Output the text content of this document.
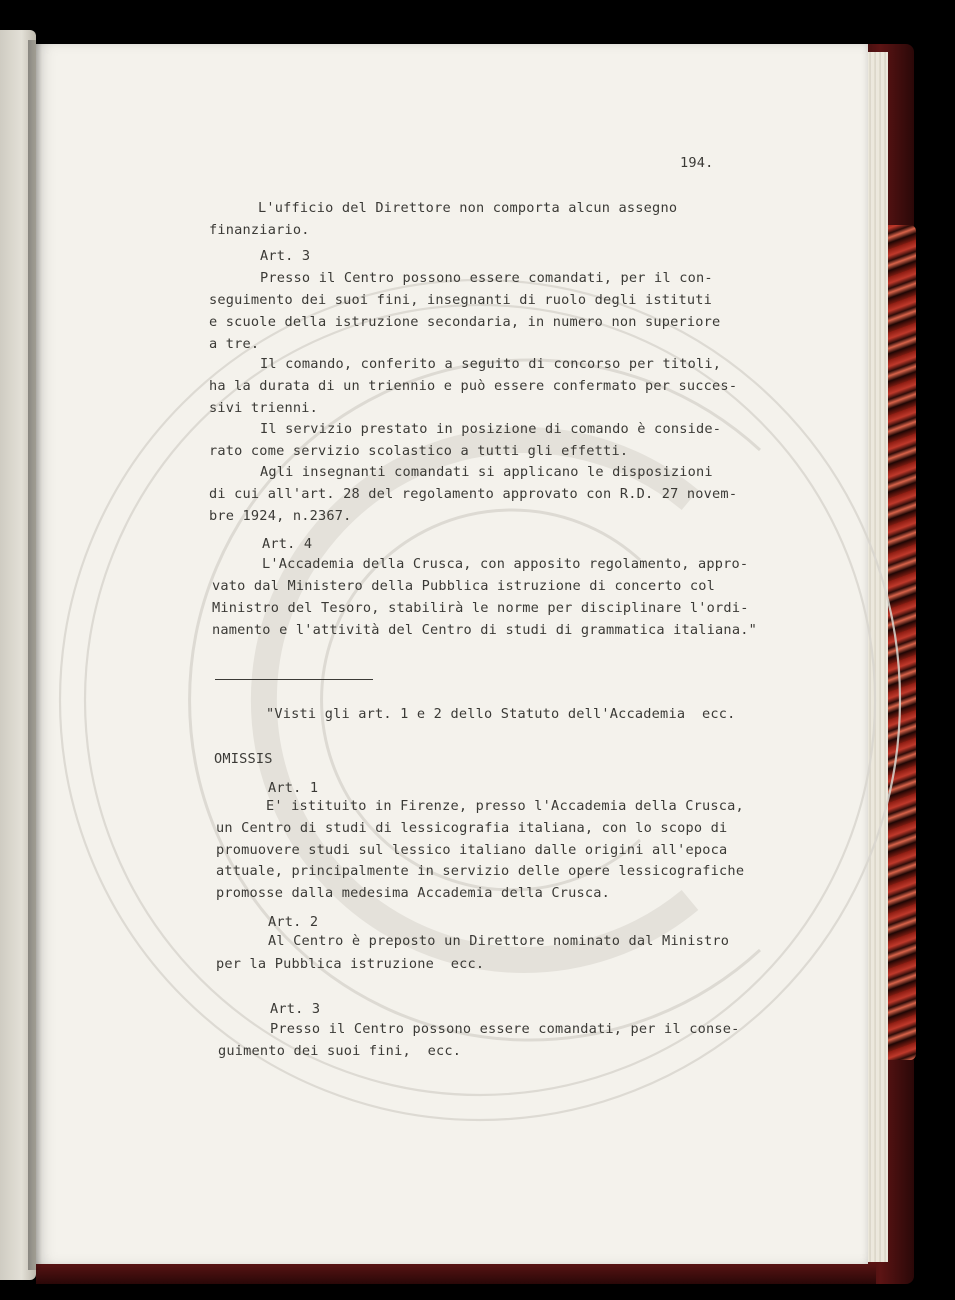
194.
L'ufficio del Direttore non comporta alcun assegno
finanziario.
Art. 3
Presso il Centro possono essere comandati, per il con-
seguimento dei suoi fini, insegnanti di ruolo degli istituti
e scuole della istruzione secondaria, in numero non superiore
a tre.
Il comando, conferito a seguito di concorso per titoli,
ha la durata di un triennio e può essere confermato per succes-
sivi trienni.
Il servizio prestato in posizione di comando è conside-
rato come servizio scolastico a tutti gli effetti.
Agli insegnanti comandati si applicano le disposizioni
di cui all'art. 28 del regolamento approvato con R.D. 27 novem-
bre 1924, n.2367.
Art. 4
L'Accademia della Crusca, con apposito regolamento, appro-
vato dal Ministero della Pubblica istruzione di concerto col
Ministro del Tesoro, stabilirà le norme per disciplinare l'ordi-
namento e l'attività del Centro di studi di grammatica italiana."
"Visti gli art. 1 e 2 dello Statuto dell'Accademia  ecc.
OMISSIS
Art. 1
E' istituito in Firenze, presso l'Accademia della Crusca,
un Centro di studi di lessicografia italiana, con lo scopo di
promuovere studi sul lessico italiano dalle origini all'epoca
attuale, principalmente in servizio delle opere lessicografiche
promosse dalla medesima Accademia della Crusca.
Art. 2
Al Centro è preposto un Direttore nominato dal Ministro
per la Pubblica istruzione  ecc.
Art. 3
Presso il Centro possono essere comandati, per il conse-
guimento dei suoi fini,  ecc.
